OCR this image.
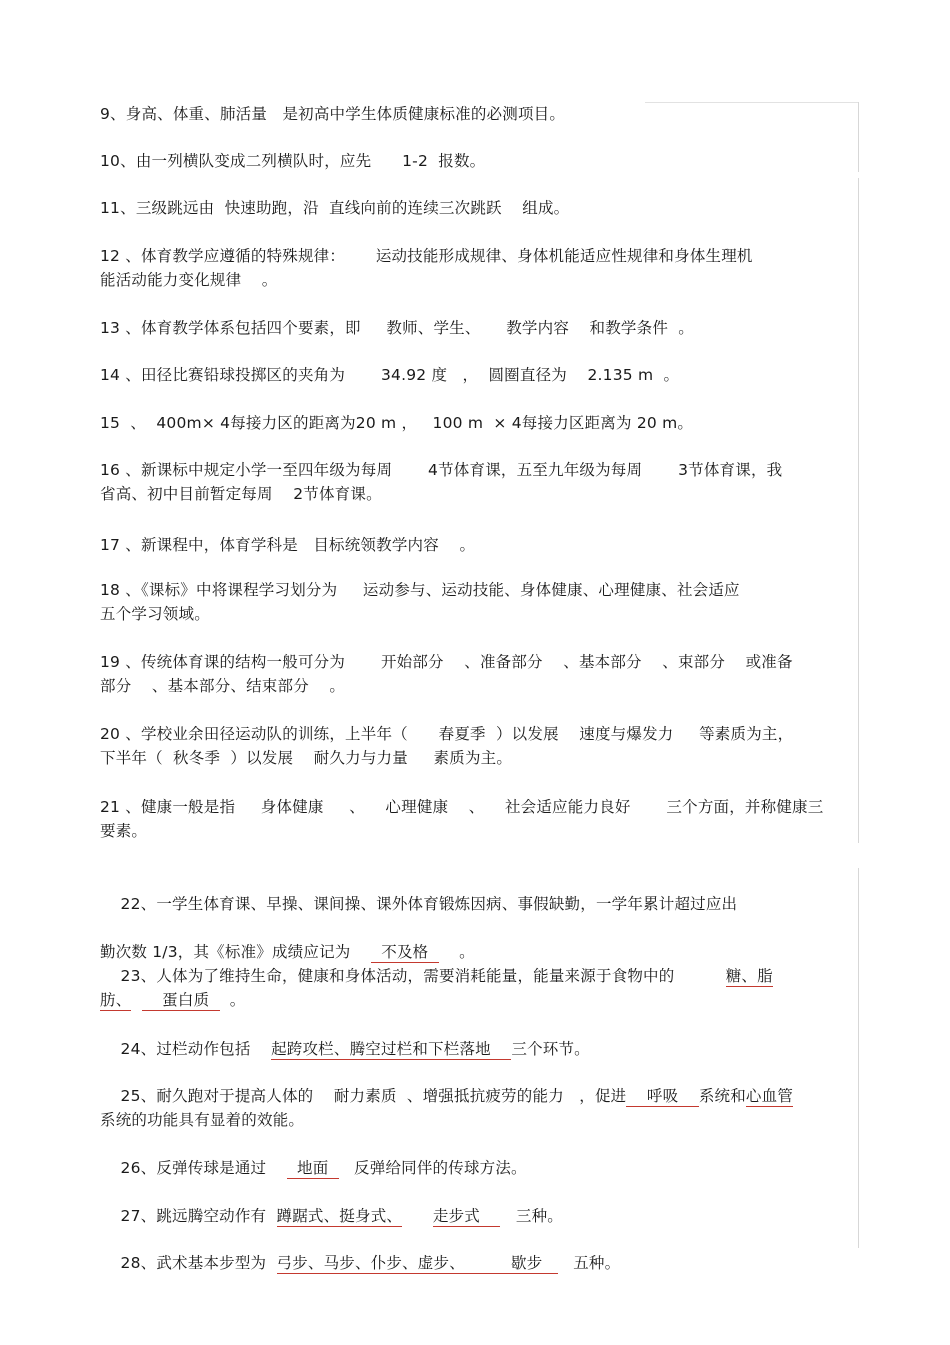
9、身高、体重、肺活量   是初高中学生体质健康标准的必测项目。
10、由一列横队变成二列横队时，应先      1-2  报数。
11、三级跳远由  快速助跑，沿  直线向前的连续三次跳跃    组成。
12 、体育教学应遵循的特殊规律：      运动技能形成规律、身体机能适应性规律和身体生理机
能活动能力变化规律    。
13 、体育教学体系包括四个要素，即     教师、学生、     教学内容    和教学条件  。
14 、田径比赛铅球投掷区的夹角为       34.92 度   ，  圆圈直径为    2.135 m  。
15  、  400m× 4每接力区的距离为20 m ，   100 m  × 4每接力区距离为 20 m。
16 、新课标中规定小学一至四年级为每周       4节体育课，五至九年级为每周       3节体育课，我
省高、初中目前暂定每周    2节体育课。
17 、新课程中，体育学科是   目标统领教学内容    。
18 、《课标》中将课程学习划分为     运动参与、运动技能、身体健康、心理健康、社会适应
五个学习领域。
19 、传统体育课的结构一般可分为       开始部分    、准备部分    、基本部分    、束部分    或准备
部分    、基本部分、结束部分    。
20 、学校业余田径运动队的训练，上半年（      春夏季  ）以发展    速度与爆发力     等素质为主，
下半年（  秋冬季  ）以发展    耐久力与力量     素质为主。
21 、健康一般是指     身体健康     、    心理健康    、    社会适应能力良好       三个方面，并称健康三
要素。

22、一学生体育课、早操、课间操、课外体育锻炼因病、事假缺勤，一学年累计超过应出

勤次数 1/3，其《标准》成绩应记为      不及格      。

23、人体为了维持生命，健康和身体活动，需要消耗能量，能量来源于食物中的          糖、脂
肪、      蛋白质    。

24、过栏动作包括    起跨攻栏、腾空过栏和下栏落地    三个环节。

25、耐久跑对于提高人体的    耐力素质  、增强抵抗疲劳的能力   ，促进    呼吸    系统和心血管
系统的功能具有显着的效能。

26、反弹传球是通过      地面     反弹给同伴的传球方法。

27、跳远腾空动作有  蹲踞式、挺身式、 走步式       三种。

28、武术基本步型为  弓步、马步、仆步、虚步、         歇步      五种。
